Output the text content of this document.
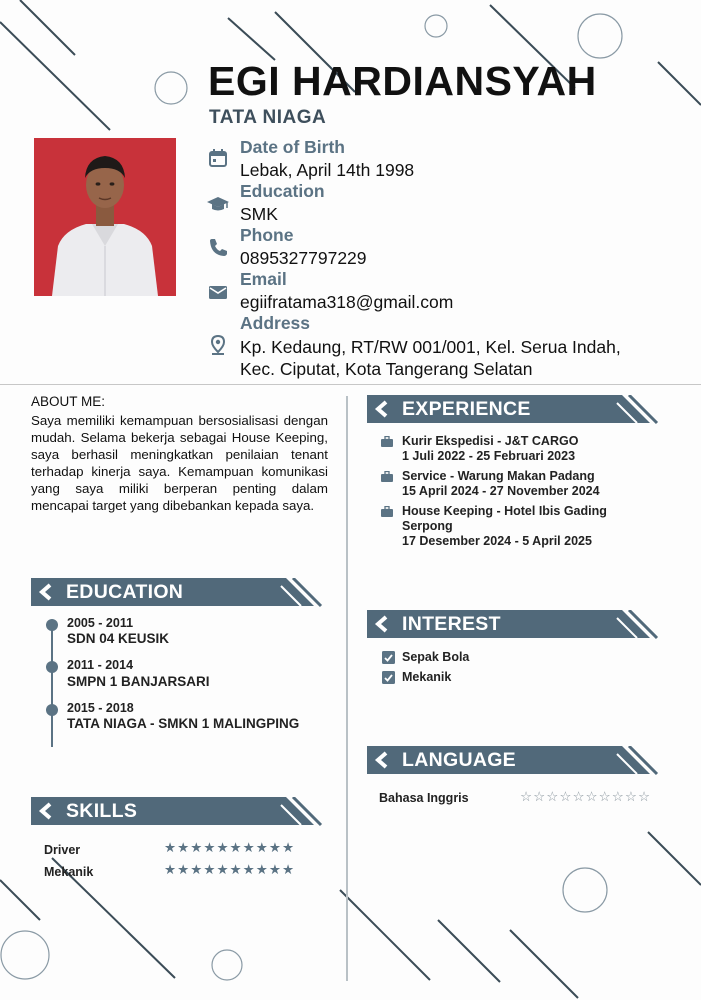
EGI HARDIANSYAH
TATA NIAGA
Date of Birth
Lebak, April 14th 1998
Education
SMK
Phone
0895327797229
Email
egiifratama318@gmail.com
Address
Kp. Kedaung, RT/RW 001/001, Kel. Serua Indah,
Kec. Ciputat, Kota Tangerang Selatan
ABOUT ME:
Saya memiliki kemampuan bersosialisasi dengan mudah. Selama bekerja sebagai House Keeping, saya berhasil meningkatkan penilaian tenant terhadap kinerja saya. Kemampuan komunikasi yang saya miliki berperan penting dalam mencapai target yang dibebankan kepada saya.
EXPERIENCE
Kurir Ekspedisi - J&T CARGO
1 Juli 2022 - 25 Februari 2023
Service - Warung Makan Padang
15 April 2024 - 27 November 2024
House Keeping - Hotel Ibis Gading Serpong
17 Desember 2024 - 5 April 2025
EDUCATION
2005 - 2011
SDN 04 KEUSIK
2011 - 2014
SMPN 1 BANJARSARI
2015 - 2018
TATA NIAGA - SMKN 1 MALINGPING
INTEREST
Sepak Bola
Mekanik
LANGUAGE
Bahasa Inggris	☆☆☆☆☆☆☆☆☆☆
SKILLS
Driver	★★★★★★★★★★
Mekanik	★★★★★★★★★★
